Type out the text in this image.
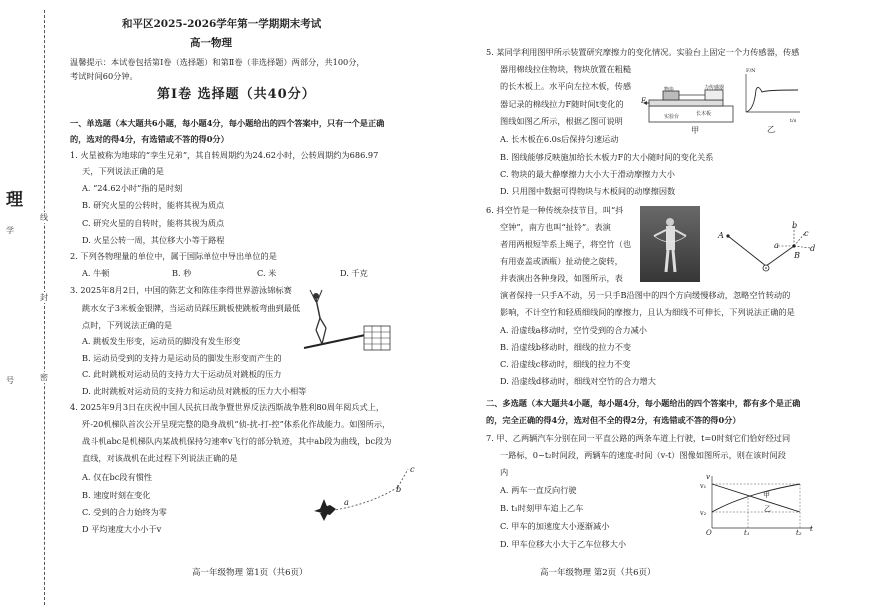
理
学
线
封
号	密
和平区2025-2026学年第一学期期末考试
高一物理
温馨提示：本试卷包括第Ⅰ卷（选择题）和第Ⅱ卷（非选择题）两部分，共100分，
考试时间60分钟。
第Ⅰ卷 选择题（共40分）
一、单选题（本大题共6小题，每小题4分，每小题给出的四个答案中，只有一个是正确
的，选对的得4分，有选错或不答的得0分）
1. 火星被称为地球的“孪生兄弟”，其自转周期约为24.62小时，公转周期约为686.97
天，下列说法正确的是
A. “24.62小时”指的是时刻
B. 研究火星的公转时，能将其视为质点
C. 研究火星的自转时，能将其视为质点
D. 火星公转一周，其位移大小等于路程
2. 下列各物理量的单位中，属于国际单位中导出单位的是
A. 牛顿	B. 秒	C. 米	D. 千克
3. 2025年8月2日，中国的陈艺文和陈佳李得世界游泳锦标赛
跳水女子3米板金银牌，当运动员踩压跳板使跳板弯曲到最低
点时，下列说法正确的是
A. 跳板发生形变，运动员的脚没有发生形变
B. 运动员受到的支持力是运动员的脚发生形变而产生的
C. 此时跳板对运动员的支持力大于运动员对跳板的压力
D. 此时跳板对运动员的支持力和运动员对跳板的压力大小相等
4. 2025年9月3日在庆祝中国人民抗日战争暨世界反法西斯战争胜利80周年阅兵式上，
歼-20机梯队首次公开呈现完整的隐身战机“侦-扰-打-控”体系化作战能力。如图所示，
战斗机abc是机梯队内某战机保持匀速率v飞行的部分轨迹，其中ab段为曲线，bc段为
直线，对该战机在此过程下列说法正确的是
A. 仅在bc段有惯性
B. 速度时刻在变化
C. 受到的合力始终为零
D 平均速度大小小于v
a
b
c
高一年级物理 第1页（共6页）
5. 某同学利用图甲所示装置研究摩擦力的变化情况。实验台上固定一个力传感器，传感
器用棉线拉住物块，物块放置在粗糙
的长木板上。水平向左拉木板，传感
器记录的棉线拉力F随时间t变化的
图线如图乙所示，根据乙图可说明
A. 长木板在6.0s后保持匀速运动
B. 图线能够反映施加给长木板力F的大小随时间的变化关系
C. 物块的最大静摩擦力大小大于滑动摩擦力大小
D. 只用图中数据可得物块与木板间的动摩擦因数
物块	力传感器
长木板
实验台
F
甲
F/N
t/s
乙
6. 抖空竹是一种传统杂技节目，叫“抖
空钟”，南方也叫“扯铃”。表演
者用两根短竿系上绳子，将空竹（也
有用壶盖或酒瓶）扯动使之旋转，
并表演出各种身段，如图所示，表
演者保持一只手A不动，另一只手B沿图中的四个方向缓慢移动，忽略空竹转动的
影响，不计空竹和轻质细线间的摩擦力，且认为细线不可伸长，下列说法正确的是
A. 沿虚线a移动时，空竹受到的合力减小
B. 沿虚线b移动时，细线的拉力不变
C. 沿虚线c移动时，细线的拉力不变
D. 沿虚线d移动时，细线对空竹的合力增大
A
B
a
b
c
d
二、多选题（本大题共4小题，每小题4分，每小题给出的四个答案中，都有多个是正确
的，完全正确的得4分，选对但不全的得2分，有选错或不答的得0分）
7. 甲、乙两辆汽车分别在同一平直公路的两条车道上行驶，t=0时刻它们恰好经过同
一路标，0~t₂时间段，两辆车的速度-时间（v-t）图像如图所示，则在该时间段
内
A. 两车一直反向行驶
B. t₁时刻甲车追上乙车
C. 甲车的加速度大小逐渐减小
D. 甲车位移大小大于乙车位移大小
v
v₁
v₂
甲
乙
O	t₁	t₂ t
高一年级物理 第2页（共6页）
